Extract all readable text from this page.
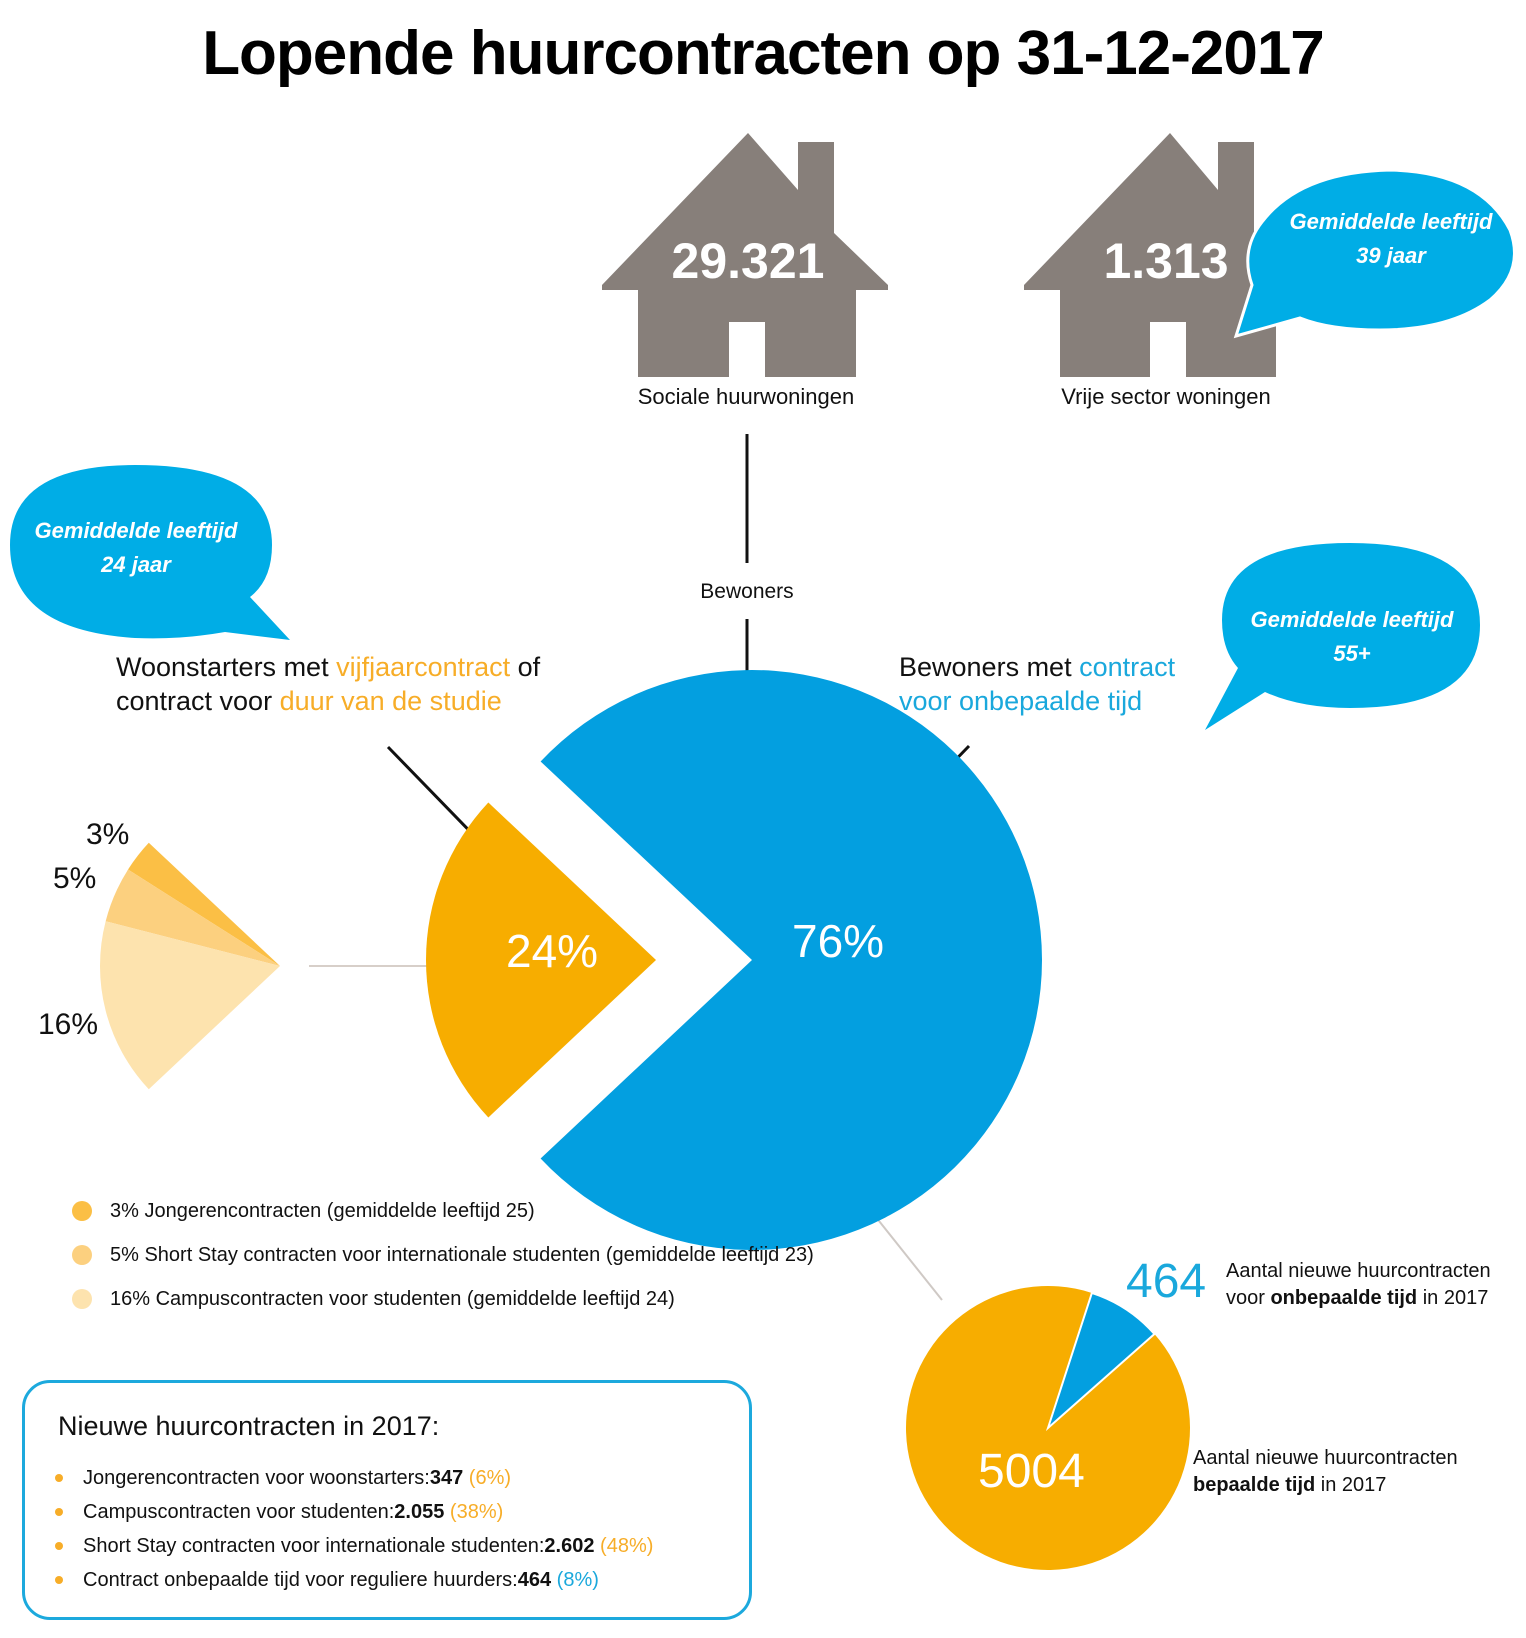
Lopende huurcontracten op 31-12-2017
29.321	1.313
Sociale huurwoningen	Vrije sector woningen
Gemiddelde leeftijd
39 jaar
Gemiddelde leeftijd
24 jaar
Gemiddelde leeftijd
55+
Bewoners
Woonstarters met vijfjaarcontract of
contract voor duur van de studie
Bewoners met contract
voor onbepaalde tijd
3%
5%
16%
24%	76%
3% Jongerencontracten (gemiddelde leeftijd 25)
5% Short Stay contracten voor internationale studenten (gemiddelde leeftijd 23)
16% Campuscontracten voor studenten (gemiddelde leeftijd 24)
Nieuwe huurcontracten in 2017:
Jongerencontracten voor woonstarters: 347
(6%)
Campuscontracten voor studenten: 2.055
(38%)
Short Stay contracten voor internationale studenten: 2.602
(48%)
Contract onbepaalde tijd voor reguliere huurders: 464
(8%)
464 Aantal nieuwe huurcontracten
voor onbepaalde tijd in 2017
5004	Aantal nieuwe huurcontracten
bepaalde tijd in 2017
